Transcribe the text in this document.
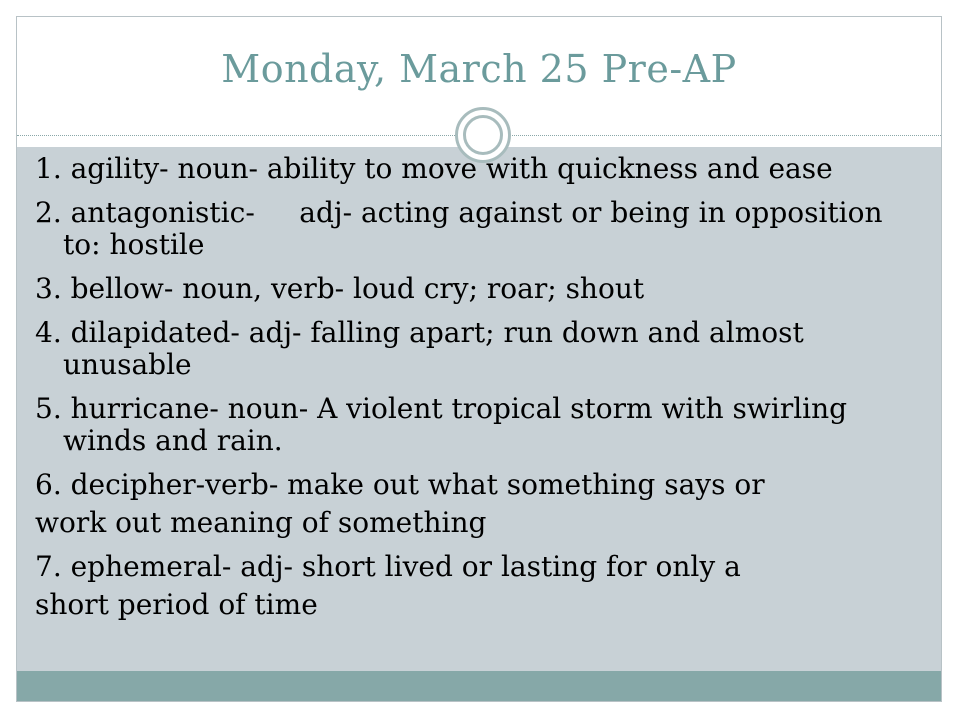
Monday, March 25 Pre-AP
1. agility- noun- ability to move with quickness and ease
2. antagonistic-     adj- acting against or being in opposition to: hostile
3. bellow- noun, verb- loud cry; roar; shout
4. dilapidated- adj- falling apart; run down and almost unusable
5. hurricane- noun- A violent tropical storm with swirling winds and rain.
6. decipher-verb- make out what something says or
work out meaning of something
7. ephemeral- adj- short lived or lasting for only a
short period of time
